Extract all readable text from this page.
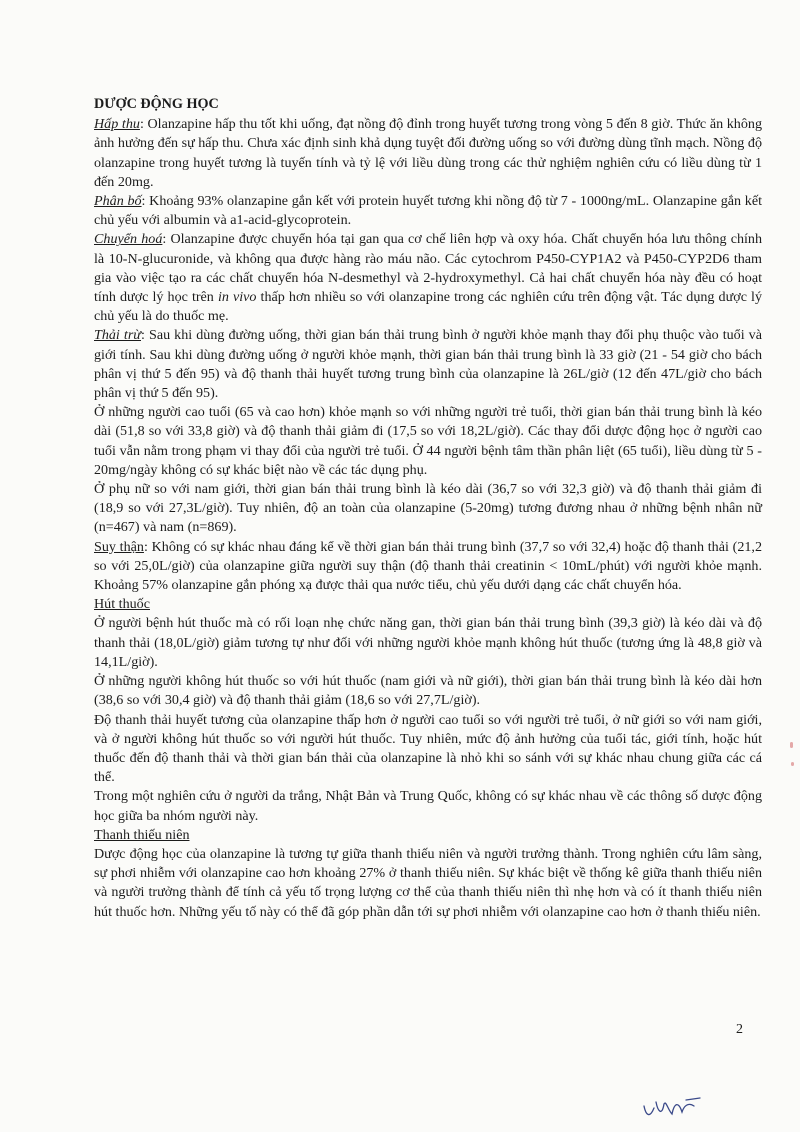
DƯỢC ĐỘNG HỌC

Hấp thu: Olanzapine hấp thu tốt khi uống, đạt nồng độ đỉnh trong huyết tương trong vòng 5 đến 8 giờ. Thức ăn không ảnh hưởng đến sự hấp thu. Chưa xác định sinh khả dụng tuyệt đối đường uống so với đường dùng tĩnh mạch. Nồng độ olanzapine trong huyết tương là tuyến tính và tỷ lệ với liều dùng trong các thử nghiệm nghiên cứu có liều dùng từ 1 đến 20mg.

Phân bố: Khoảng 93% olanzapine gắn kết với protein huyết tương khi nồng độ từ 7 - 1000ng/mL. Olanzapine gắn kết chủ yếu với albumin và a1-acid-glycoprotein.

Chuyển hoá: Olanzapine được chuyển hóa tại gan qua cơ chế liên hợp và oxy hóa. Chất chuyển hóa lưu thông chính là 10-N-glucuronide, và không qua được hàng rào máu não. Các cytochrom P450-CYP1A2 và P450-CYP2D6 tham gia vào việc tạo ra các chất chuyển hóa N-desmethyl và 2-hydroxymethyl. Cả hai chất chuyển hóa này đều có hoạt tính dược lý học trên in vivo thấp hơn nhiều so với olanzapine trong các nghiên cứu trên động vật. Tác dụng dược lý chủ yếu là do thuốc mẹ.

Thải trừ: Sau khi dùng đường uống, thời gian bán thải trung bình ở người khỏe mạnh thay đổi phụ thuộc vào tuổi và giới tính. Sau khi dùng đường uống ở người khỏe mạnh, thời gian bán thải trung bình là 33 giờ (21 - 54 giờ cho bách phân vị thứ 5 đến 95) và độ thanh thải huyết tương trung bình của olanzapine là 26L/giờ (12 đến 47L/giờ cho bách phân vị thứ 5 đến 95).

Ở những người cao tuổi (65 và cao hơn) khỏe mạnh so với những người trẻ tuổi, thời gian bán thải trung bình là kéo dài (51,8 so với 33,8 giờ) và độ thanh thải giảm đi (17,5 so với 18,2L/giờ). Các thay đổi dược động học ở người cao tuổi vẫn nằm trong phạm vi thay đổi của người trẻ tuổi. Ở 44 người bệnh tâm thần phân liệt (65 tuổi), liều dùng từ 5 - 20mg/ngày không có sự khác biệt nào về các tác dụng phụ.

Ở phụ nữ so với nam giới, thời gian bán thải trung bình là kéo dài (36,7 so với 32,3 giờ) và độ thanh thải giảm đi (18,9 so với 27,3L/giờ). Tuy nhiên, độ an toàn của olanzapine (5-20mg) tương đương nhau ở những bệnh nhân nữ (n=467) và nam (n=869).

Suy thận: Không có sự khác nhau đáng kể về thời gian bán thải trung bình (37,7 so với 32,4) hoặc độ thanh thải (21,2 so với 25,0L/giờ) của olanzapine giữa người suy thận (độ thanh thải creatinin < 10mL/phút) với người khỏe mạnh. Khoảng 57% olanzapine gắn phóng xạ được thải qua nước tiểu, chủ yếu dưới dạng các chất chuyển hóa.

Hút thuốc

Ở người bệnh hút thuốc mà có rối loạn nhẹ chức năng gan, thời gian bán thải trung bình (39,3 giờ) là kéo dài và độ thanh thải (18,0L/giờ) giảm tương tự như đối với những người khỏe mạnh không hút thuốc (tương ứng là 48,8 giờ và 14,1L/giờ).

Ở những người không hút thuốc so với hút thuốc (nam giới và nữ giới), thời gian bán thải trung bình là kéo dài hơn (38,6 so với 30,4 giờ) và độ thanh thải giảm (18,6 so với 27,7L/giờ).

Độ thanh thải huyết tương của olanzapine thấp hơn ở người cao tuổi so với người trẻ tuổi, ở nữ giới so với nam giới, và ở người không hút thuốc so với người hút thuốc. Tuy nhiên, mức độ ảnh hưởng của tuổi tác, giới tính, hoặc hút thuốc đến độ thanh thải và thời gian bán thải của olanzapine là nhỏ khi so sánh với sự khác nhau chung giữa các cá thể.

Trong một nghiên cứu ở người da trắng, Nhật Bản và Trung Quốc, không có sự khác nhau về các thông số dược động học giữa ba nhóm người này.

Thanh thiếu niên

Dược động học của olanzapine là tương tự giữa thanh thiếu niên và người trưởng thành. Trong nghiên cứu lâm sàng, sự phơi nhiễm với olanzapine cao hơn khoảng 27% ở thanh thiếu niên. Sự khác biệt về thống kê giữa thanh thiếu niên và người trưởng thành để tính cả yếu tố trọng lượng cơ thể của thanh thiếu niên thì nhẹ hơn và có ít thanh thiếu niên hút thuốc hơn. Những yếu tố này có thể đã góp phần dẫn tới sự phơi nhiễm với olanzapine cao hơn ở thanh thiếu niên.

2
